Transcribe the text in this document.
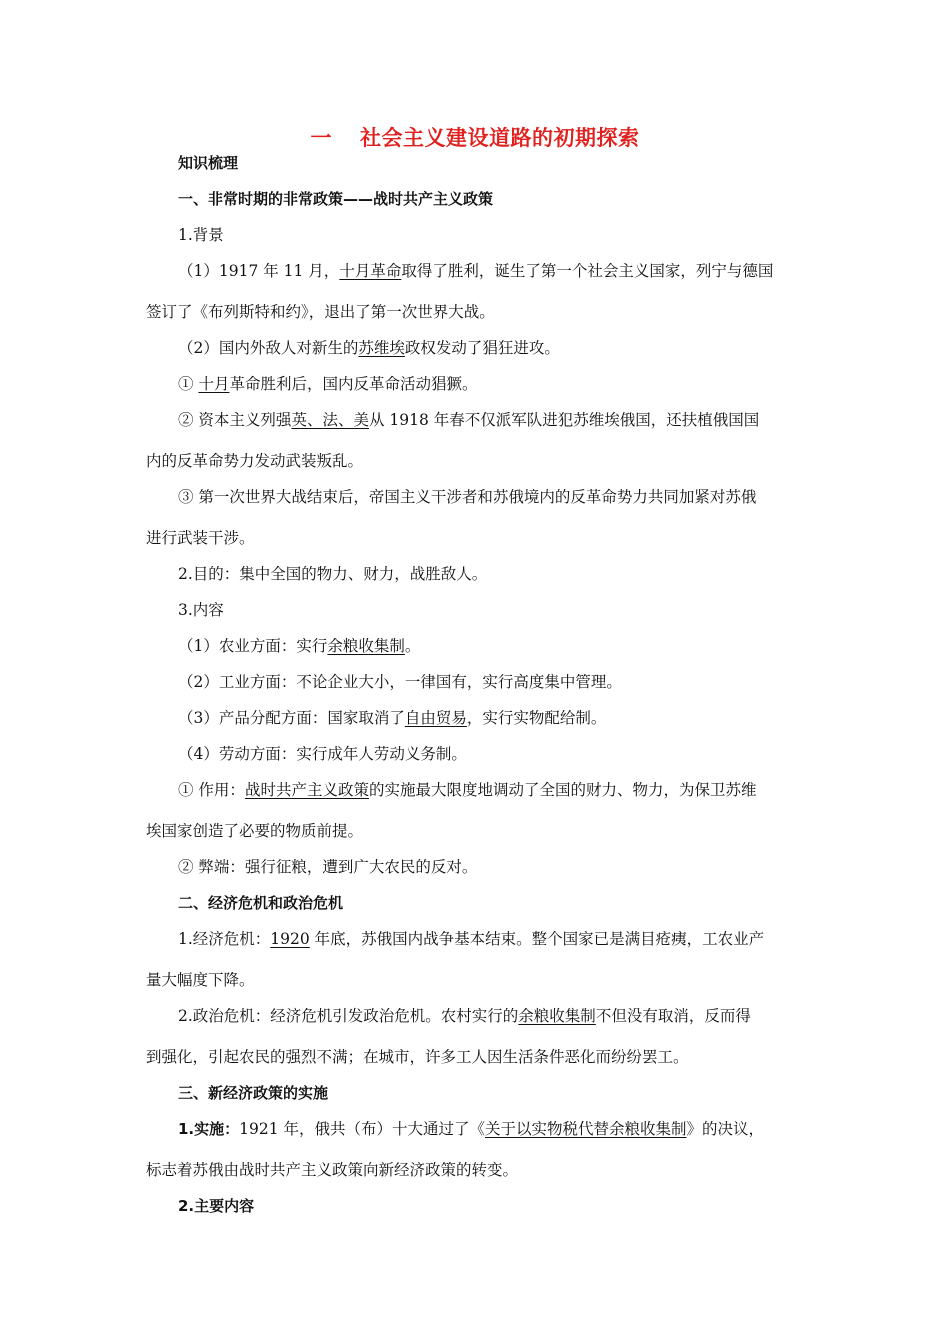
一 社会主义建设道路的初期探索
知识梳理
一、非常时期的非常政策——战时共产主义政策
1.背景
（1）1917 年 11 月，十月革命取得了胜利，诞生了第一个社会主义国家，列宁与德国
签订了《布列斯特和约》，退出了第一次世界大战。
（2）国内外敌人对新生的苏维埃政权发动了猖狂进攻。
① 十月革命胜利后，国内反革命活动猖獗。
② 资本主义列强英、法、美从 1918 年春不仅派军队进犯苏维埃俄国，还扶植俄国国
内的反革命势力发动武装叛乱。
③ 第一次世界大战结束后，帝国主义干涉者和苏俄境内的反革命势力共同加紧对苏俄
进行武装干涉。
2.目的：集中全国的物力、财力，战胜敌人。
3.内容
（1）农业方面：实行余粮收集制。
（2）工业方面：不论企业大小，一律国有，实行高度集中管理。
（3）产品分配方面：国家取消了自由贸易，实行实物配给制。
（4）劳动方面：实行成年人劳动义务制。
① 作用：战时共产主义政策的实施最大限度地调动了全国的财力、物力，为保卫苏维
埃国家创造了必要的物质前提。
② 弊端：强行征粮，遭到广大农民的反对。
二、经济危机和政治危机
1.经济危机：1920 年底，苏俄国内战争基本结束。整个国家已是满目疮痍，工农业产
量大幅度下降。
2.政治危机：经济危机引发政治危机。农村实行的余粮收集制不但没有取消，反而得
到强化，引起农民的强烈不满；在城市，许多工人因生活条件恶化而纷纷罢工。
三、新经济政策的实施
1.实施：1921 年，俄共（布）十大通过了《关于以实物税代替余粮收集制》的决议，
标志着苏俄由战时共产主义政策向新经济政策的转变。
2.主要内容
